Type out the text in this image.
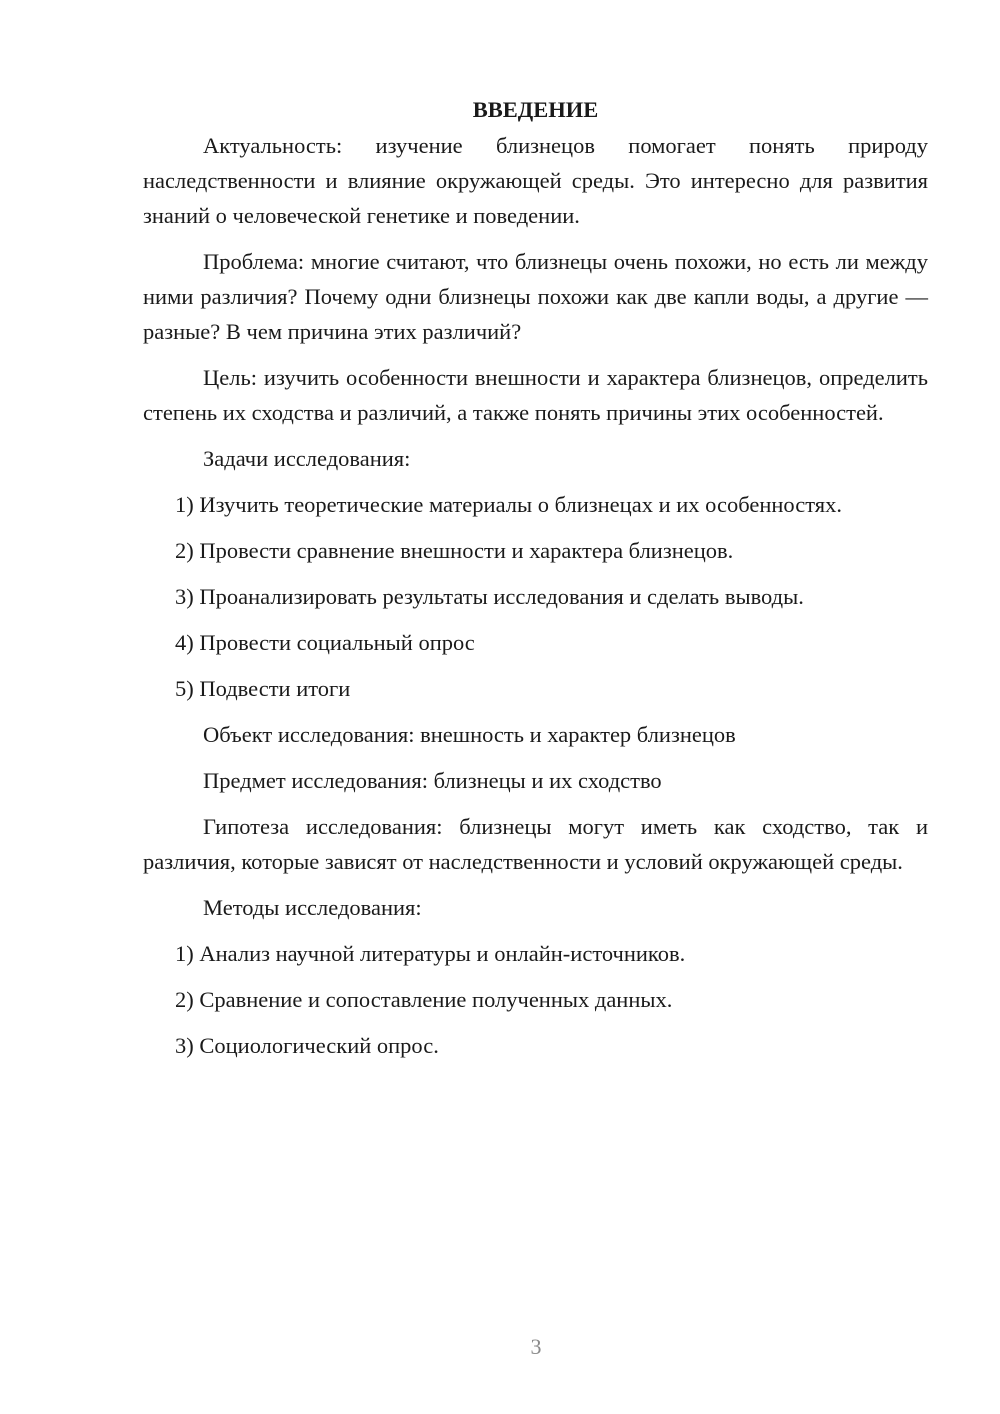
ВВЕДЕНИЕ

Актуальность: изучение близнецов помогает понять природу наследственности и влияние окружающей среды. Это интересно для развития знаний о человеческой генетике и поведении.

Проблема: многие считают, что близнецы очень похожи, но есть ли между ними различия? Почему одни близнецы похожи как две капли воды, а другие — разные? В чем причина этих различий?

Цель: изучить особенности внешности и характера близнецов, определить степень их сходства и различий, а также понять причины этих особенностей.

Задачи исследования:
1) Изучить теоретические материалы о близнецах и их особенностях.
2) Провести сравнение внешности и характера близнецов.
3) Проанализировать результаты исследования и сделать выводы.
4) Провести социальный опрос
5) Подвести итоги
Объект исследования: внешность и характер близнецов
Предмет исследования: близнецы и их сходство

Гипотеза исследования: близнецы могут иметь как сходство, так и различия, которые зависят от наследственности и условий окружающей среды.

Методы исследования:
1) Анализ научной литературы и онлайн-источников.
2) Сравнение и сопоставление полученных данных.
3) Социологический опрос.
3
